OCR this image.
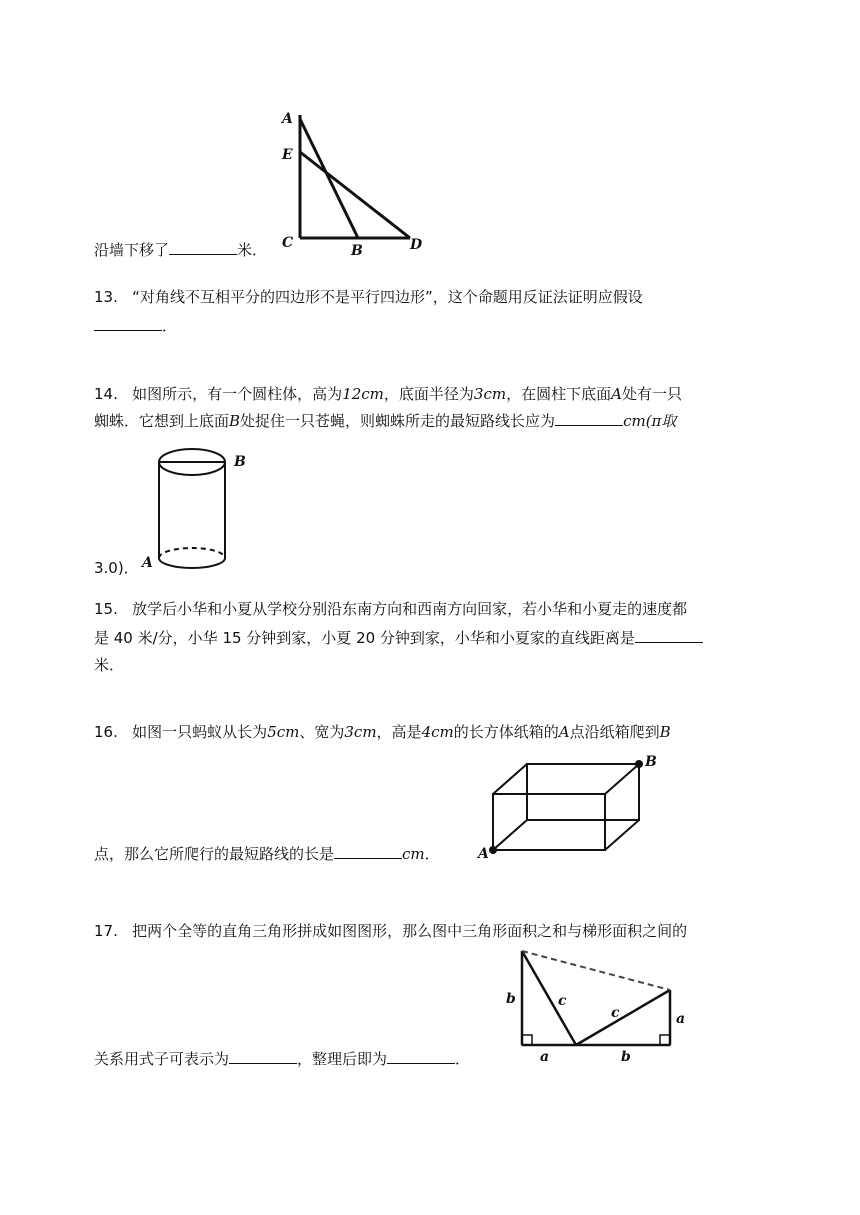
A
E
C	B	D
沿墙下移了	米．
13. “对角线不互相平分的四边形不是平行四边形”，这个命题用反证法证明应假设
．
14. 如图所示，有一个圆柱体，高为12cm，底面半径为3cm，在圆柱下底面A处有一只
蜘蛛．它想到上底面B处捉住一只苍蝇，则蜘蛛所走的最短路线长应为	cm(π取
B
A
3.0)．
15. 放学后小华和小夏从学校分别沿东南方向和西南方向回家，若小华和小夏走的速度都
是 40 米/分，小华 15 分钟到家，小夏 20 分钟到家，小华和小夏家的直线距离是
米．
16. 如图一只蚂蚁从长为5cm、宽为3cm，高是4cm的长方体纸箱的A点沿纸箱爬到B
B
A
点，那么它所爬行的最短路线的长是	cm．
17. 把两个全等的直角三角形拼成如图图形，那么图中三角形面积之和与梯形面积之间的
b	c
c	a
a	b
关系用式子可表示为	，整理后即为	．
